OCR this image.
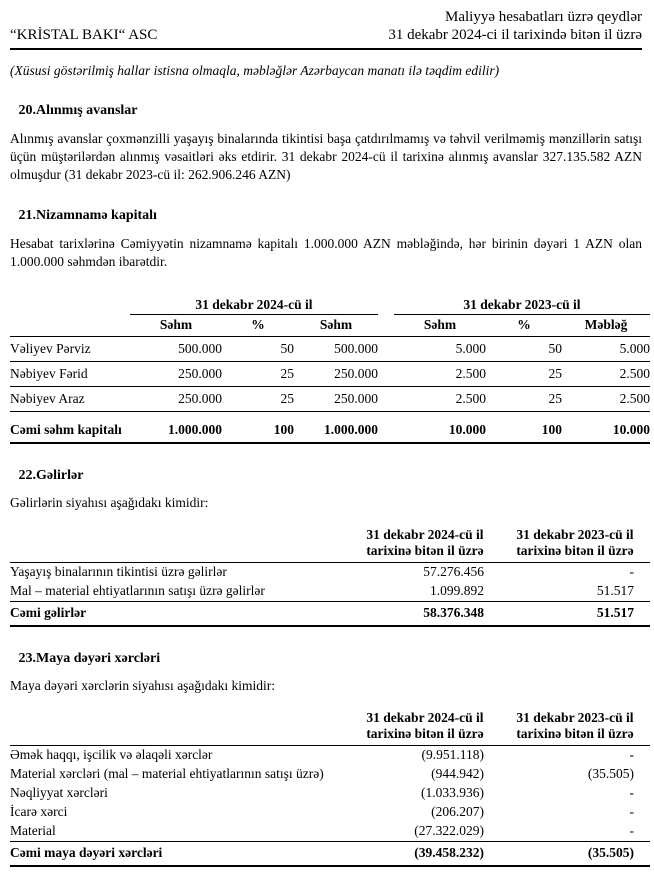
“KRİSTAL BAKI“ ASC
Maliyyə hesabatları üzrə qeydlər
31 dekabr 2024-ci il tarixində bitən il üzrə
(Xüsusi göstərilmiş hallar istisna olmaqla, məbləğlər Azərbaycan manatı ilə təqdim edilir)
20.Alınmış avanslar

Alınmış avanslar çoxmənzilli yaşayış binalarında tikintisi başa çatdırılmamış və təhvil verilməmiş mənzillərin satışı üçün müştərilərdən alınmış vəsaitləri əks etdirir. 31 dekabr 2024-cü il tarixinə alınmış avanslar 327.135.582 AZN olmuşdur (31 dekabr 2023-cü il: 262.906.246 AZN)

21.Nizamnamə kapitalı

Hesabat tarixlərinə Cəmiyyətin nizamnamə kapitalı 1.000.000 AZN məbləğində, hər birinin dəyəri 1 AZN olan 1.000.000 səhmdən ibarətdir.

	31 dekabr 2024-cü il				31 dekabr 2023-cü il		
	Səhm	%	Səhm		Səhm	%	Məbləğ
Vəliyev Pərviz	500.000	50	500.000		5.000	50	5.000
Nəbiyev Fərid	250.000	25	250.000		2.500	25	2.500
Nəbiyev Araz	250.000	25	250.000		2.500	25	2.500
Cəmi səhm kapitalı	1.000.000	100	1.000.000		10.000	100	10.000
22.Gəlirlər

Gəlirlərin siyahısı aşağıdakı kimidir:

31 dekabr 2024-cü il
tarixinə bitən il üzrə

31 dekabr 2023-cü il
tarixinə bitən il üzrə

Yaşayış binalarının tikintisi üzrə gəlirlər	57.276.456	-
Mal – material ehtiyatlarının satışı üzrə gəlirlər	1.099.892	51.517
Cəmi gəlirlər	58.376.348	51.517
23.Maya dəyəri xərcləri

Maya dəyəri xərclərin siyahısı aşağıdakı kimidir:

31 dekabr 2024-cü il
tarixinə bitən il üzrə

31 dekabr 2023-cü il
tarixinə bitən il üzrə

Əmək haqqı, işcilik və əlaqəli xərclər	(9.951.118)	-
Material xərcləri (mal – material ehtiyatlarının satışı üzrə)	(944.942)	(35.505)
Nəqliyyat xərcləri	(1.033.936)	-
İcarə xərci	(206.207)	-
Material	(27.322.029)	-
Cəmi maya dəyəri xərcləri	(39.458.232)	(35.505)
